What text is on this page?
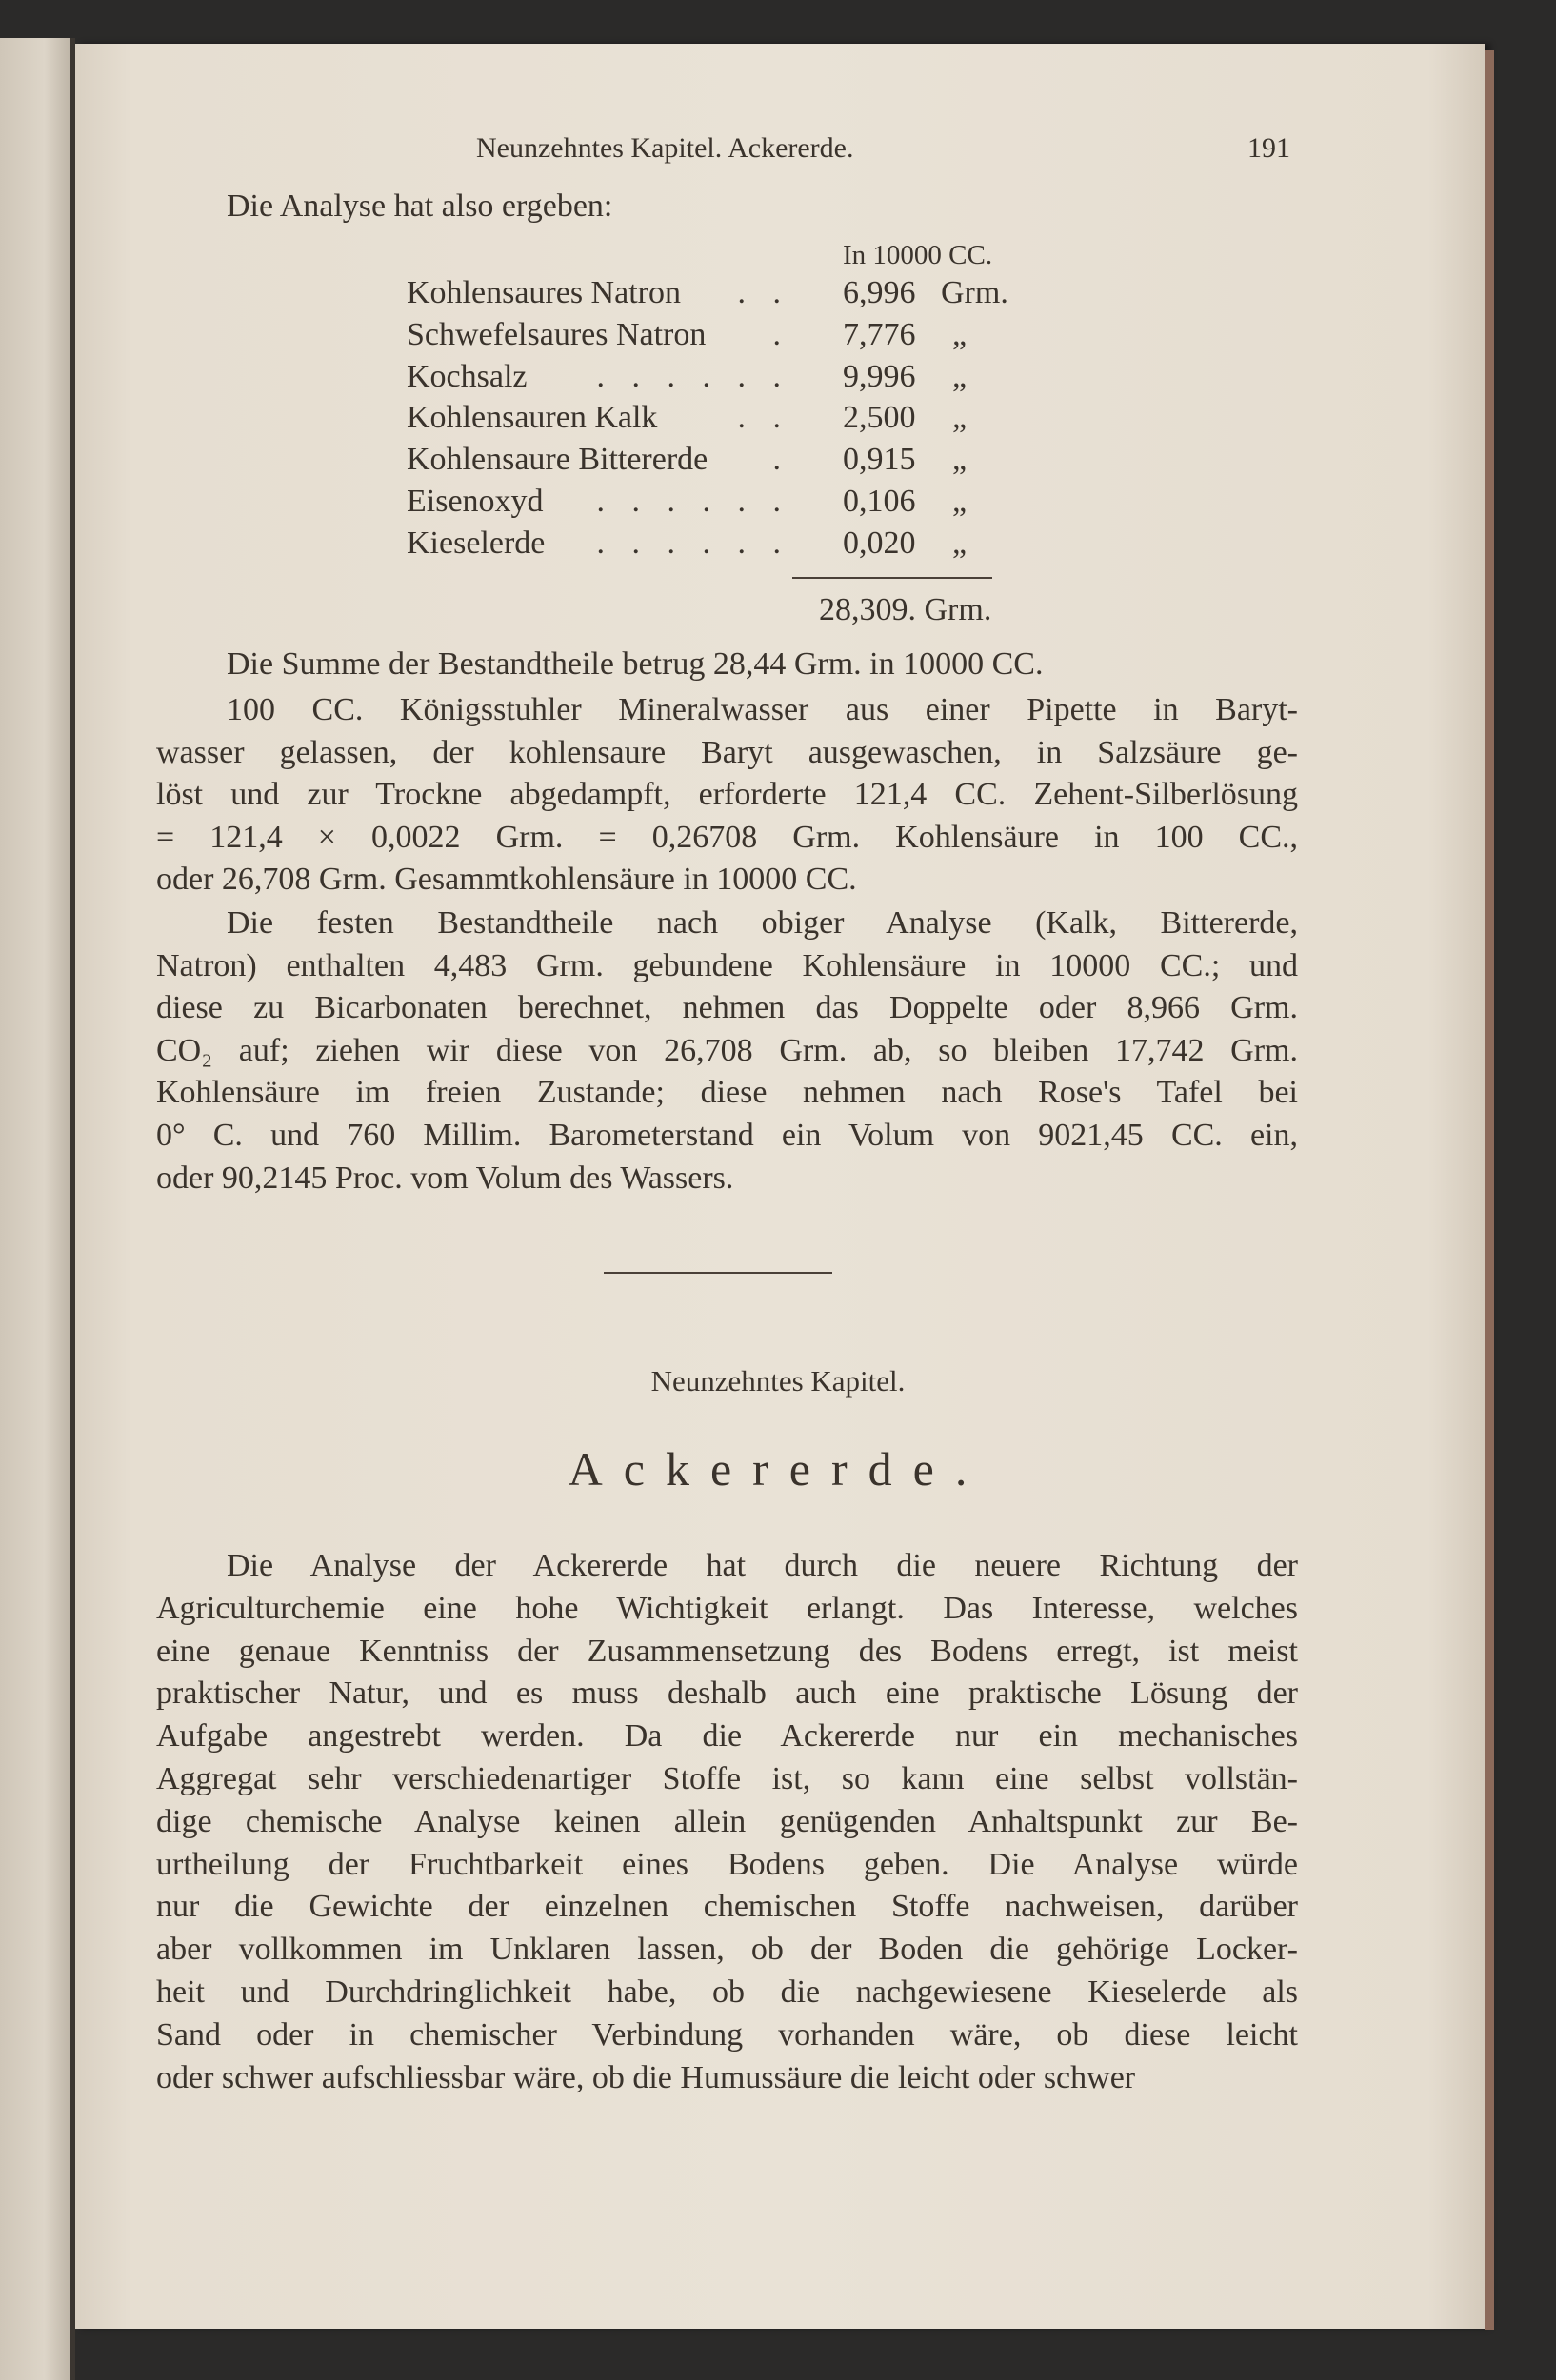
Neunzehntes Kapitel. Ackererde.	191
Die Analyse hat also ergeben:
In 10000 CC.
Kohlensaures Natron . . 6,996 Grm.
Schwefelsaures Natron . 7,776 „
Kochsalz . . . . . . 9,996 „
Kohlensauren Kalk . . 2,500 „
Kohlensaure Bittererde . 0,915 „
Eisenoxyd . . . . . . 0,106 „
Kieselerde . . . . . . 0,020 „
28,309. Grm.
Die Summe der Bestandtheile betrug 28,44 Grm. in 10000 CC.
100 CC. Königsstuhler Mineralwasser aus einer Pipette in Baryt-
wasser gelassen, der kohlensaure Baryt ausgewaschen, in Salzsäure ge-
löst und zur Trockne abgedampft, erforderte 121,4 CC. Zehent-Silberlösung
= 121,4 × 0,0022 Grm. = 0,26708 Grm. Kohlensäure in 100 CC.,
oder 26,708 Grm. Gesammtkohlensäure in 10000 CC.
Die festen Bestandtheile nach obiger Analyse (Kalk, Bittererde,
Natron) enthalten 4,483 Grm. gebundene Kohlensäure in 10000 CC.; und
diese zu Bicarbonaten berechnet, nehmen das Doppelte oder 8,966 Grm.
CO₂ auf; ziehen wir diese von 26,708 Grm. ab, so bleiben 17,742 Grm.
Kohlensäure im freien Zustande; diese nehmen nach Rose's Tafel bei
0° C. und 760 Millim. Barometerstand ein Volum von 9021,45 CC. ein,
oder 90,2145 Proc. vom Volum des Wassers.
Neunzehntes Kapitel.
Ackererde.
Die Analyse der Ackererde hat durch die neuere Richtung der
Agriculturchemie eine hohe Wichtigkeit erlangt. Das Interesse, welches
eine genaue Kenntniss der Zusammensetzung des Bodens erregt, ist meist
praktischer Natur, und es muss deshalb auch eine praktische Lösung der
Aufgabe angestrebt werden. Da die Ackererde nur ein mechanisches
Aggregat sehr verschiedenartiger Stoffe ist, so kann eine selbst vollstän-
dige chemische Analyse keinen allein genügenden Anhaltspunkt zur Be-
urtheilung der Fruchtbarkeit eines Bodens geben. Die Analyse würde
nur die Gewichte der einzelnen chemischen Stoffe nachweisen, darüber
aber vollkommen im Unklaren lassen, ob der Boden die gehörige Locker-
heit und Durchdringlichkeit habe, ob die nachgewiesene Kieselerde als
Sand oder in chemischer Verbindung vorhanden wäre, ob diese leicht
oder schwer aufschliessbar wäre, ob die Humussäure die leicht oder schwer
